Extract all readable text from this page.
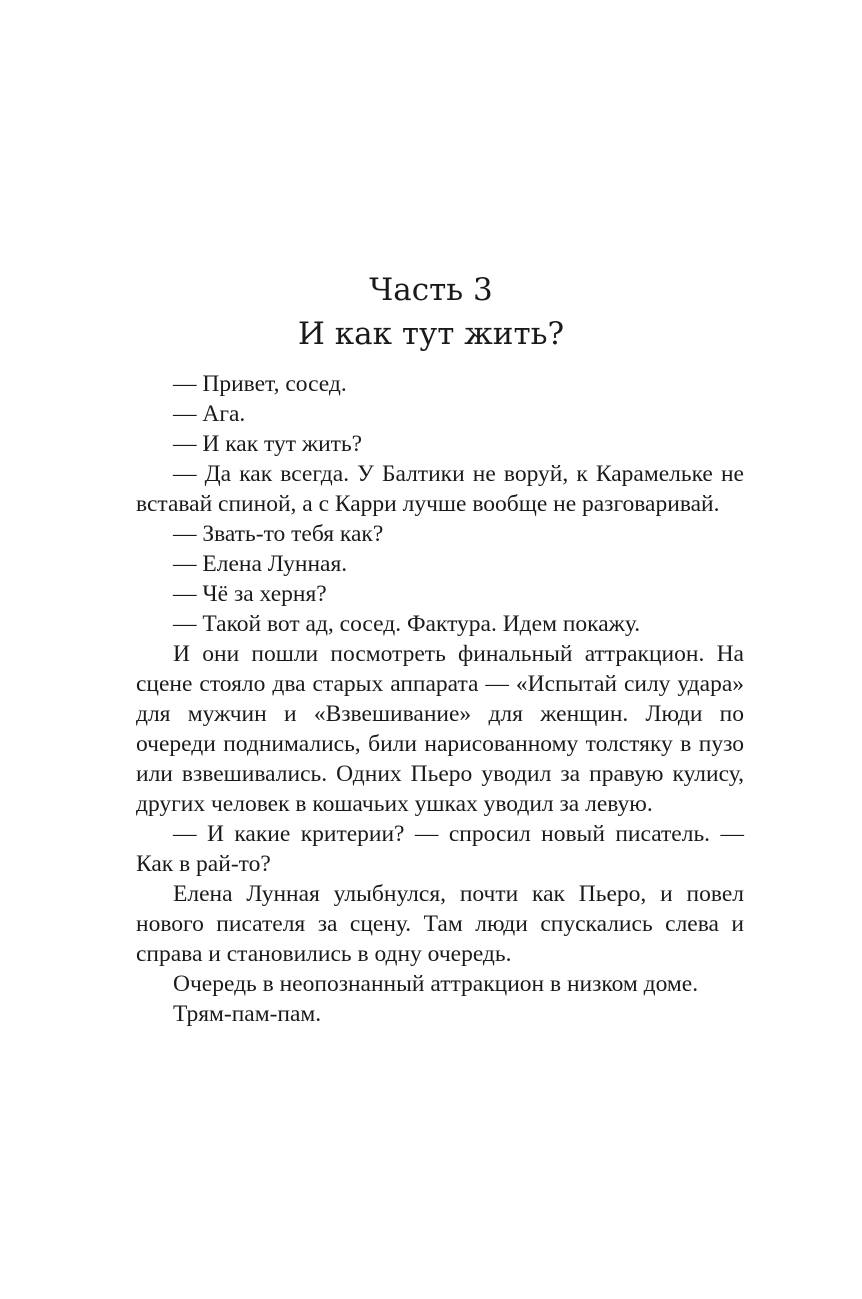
Часть 3
И как тут жить?

— Привет, сосед.

— Ага.

— И как тут жить?

— Да как всегда. У Балтики не воруй, к Карамельке не вставай спиной, а с Карри лучше вообще не разговаривай.

— Звать-то тебя как?

— Елена Лунная.

— Чё за херня?

— Такой вот ад, сосед. Фактура. Идем покажу.

И они пошли посмотреть финальный аттракцион. На сцене стояло два старых аппарата — «Испытай силу удара» для мужчин и «Взвешивание» для женщин. Люди по очереди поднимались, били нарисованному толстяку в пузо или взвешивались. Одних Пьеро уводил за правую кулису, других человек в кошачьих ушках уводил за левую.

— И какие критерии? — спросил новый писатель. — Как в рай-то?

Елена Лунная улыбнулся, почти как Пьеро, и повел нового писателя за сцену. Там люди спускались слева и справа и становились в одну очередь.

Очередь в неопознанный аттракцион в низком доме.

Трям-пам-пам.
